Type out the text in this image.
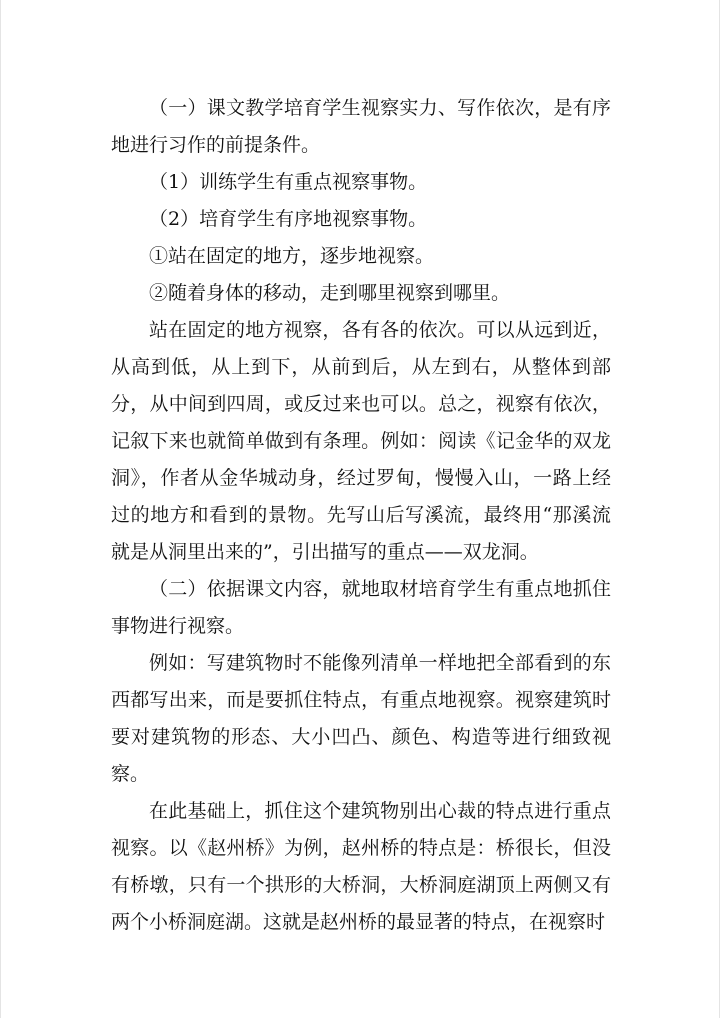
（一）课文教学培育学生视察实力、写作依次，是有序地进行习作的前提条件。

（1）训练学生有重点视察事物。

（2）培育学生有序地视察事物。

①站在固定的地方，逐步地视察。

②随着身体的移动，走到哪里视察到哪里。

站在固定的地方视察，各有各的依次。可以从远到近，从高到低，从上到下，从前到后，从左到右，从整体到部分，从中间到四周，或反过来也可以。总之，视察有依次，记叙下来也就简单做到有条理。例如：阅读《记金华的双龙洞》，作者从金华城动身，经过罗甸，慢慢入山，一路上经过的地方和看到的景物。先写山后写溪流，最终用“那溪流就是从洞里出来的”，引出描写的重点——双龙洞。

（二）依据课文内容，就地取材培育学生有重点地抓住事物进行视察。

例如：写建筑物时不能像列清单一样地把全部看到的东西都写出来，而是要抓住特点，有重点地视察。视察建筑时要对建筑物的形态、大小凹凸、颜色、构造等进行细致视察。

在此基础上，抓住这个建筑物别出心裁的特点进行重点视察。以《赵州桥》为例，赵州桥的特点是：桥很长，但没有桥墩，只有一个拱形的大桥洞，大桥洞庭湖顶上两侧又有两个小桥洞庭湖。这就是赵州桥的最显著的特点，在视察时
